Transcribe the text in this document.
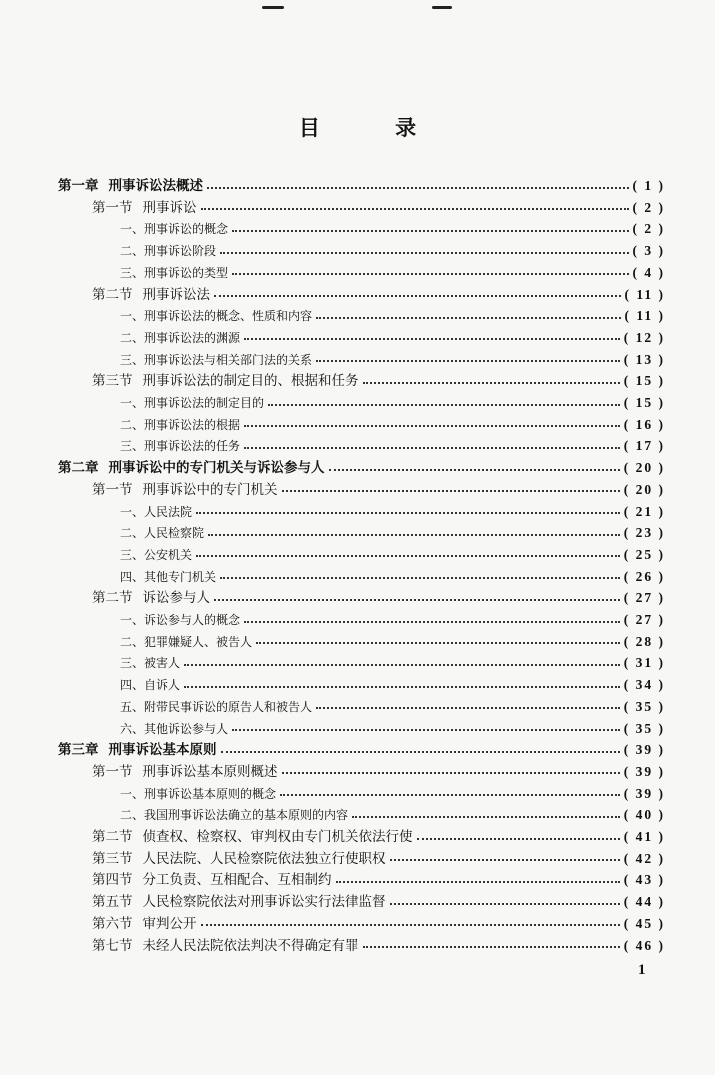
目 录
第一章 刑事诉讼法概述	( 1 )
第一节 刑事诉讼	( 2 )
一、 刑事诉讼的概念	( 2 )
二、 刑事诉讼阶段	( 3 )
三、 刑事诉讼的类型	( 4 )
第二节 刑事诉讼法	( 11 )
一、 刑事诉讼法的概念、性质和内容	( 11 )
二、 刑事诉讼法的渊源	( 12 )
三、 刑事诉讼法与相关部门法的关系	( 13 )
第三节 刑事诉讼法的制定目的、根据和任务	( 15 )
一、 刑事诉讼法的制定目的	( 15 )
二、 刑事诉讼法的根据	( 16 )
三、 刑事诉讼法的任务	( 17 )
第二章 刑事诉讼中的专门机关与诉讼参与人	( 20 )
第一节 刑事诉讼中的专门机关	( 20 )
一、 人民法院	( 21 )
二、 人民检察院	( 23 )
三、 公安机关	( 25 )
四、 其他专门机关	( 26 )
第二节 诉讼参与人	( 27 )
一、 诉讼参与人的概念	( 27 )
二、 犯罪嫌疑人、被告人	( 28 )
三、 被害人	( 31 )
四、 自诉人	( 34 )
五、 附带民事诉讼的原告人和被告人	( 35 )
六、 其他诉讼参与人	( 35 )
第三章 刑事诉讼基本原则	( 39 )
第一节 刑事诉讼基本原则概述	( 39 )
一、 刑事诉讼基本原则的概念	( 39 )
二、 我国刑事诉讼法确立的基本原则的内容	( 40 )
第二节 侦查权、检察权、审判权由专门机关依法行使	( 41 )
第三节 人民法院、人民检察院依法独立行使职权	( 42 )
第四节 分工负责、互相配合、互相制约	( 43 )
第五节 人民检察院依法对刑事诉讼实行法律监督	( 44 )
第六节 审判公开	( 45 )
第七节 未经人民法院依法判决不得确定有罪	( 46 )
1
